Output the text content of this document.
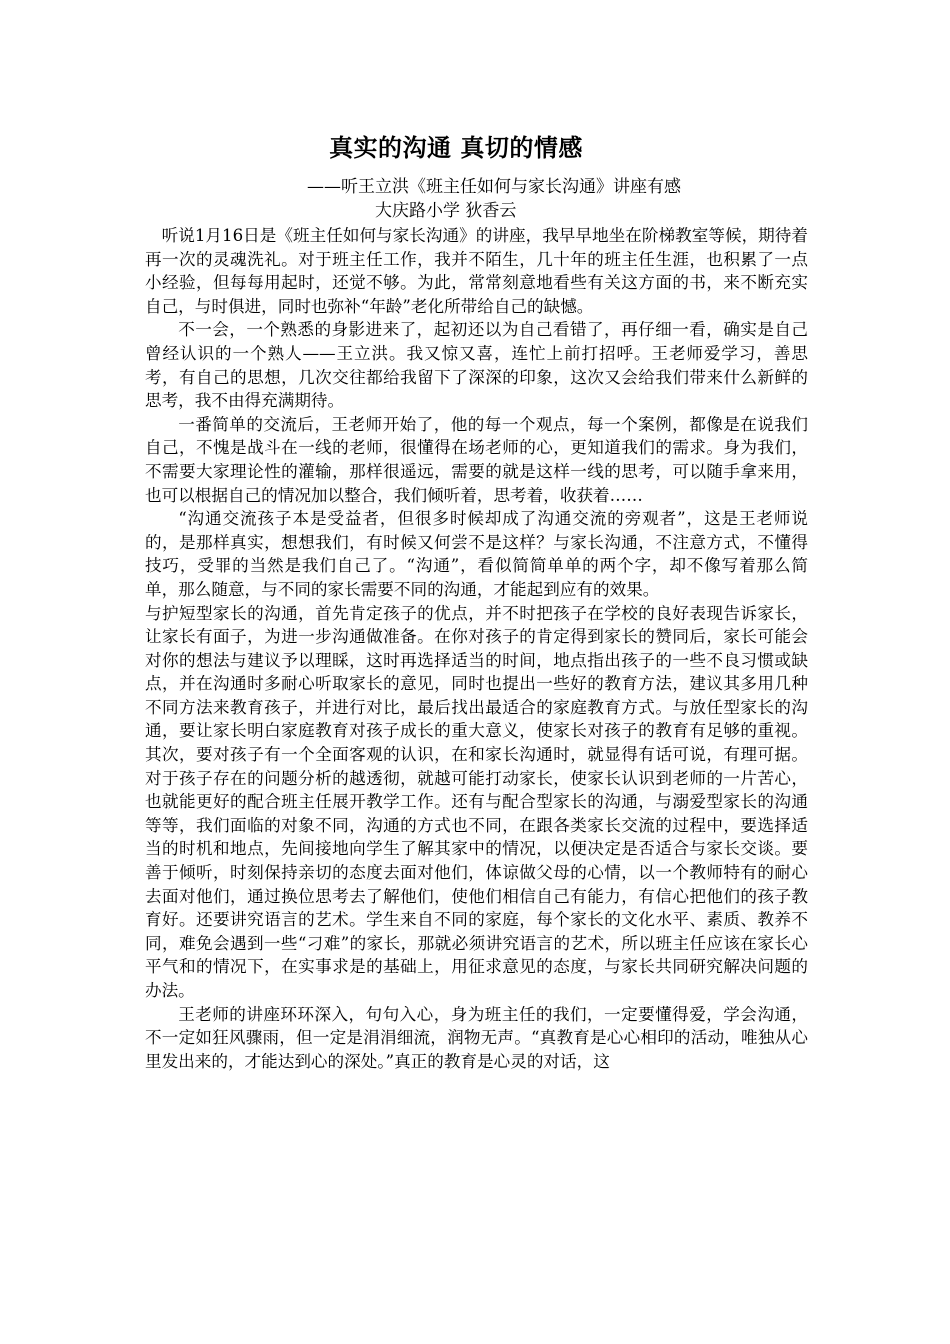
真实的沟通 真切的情感
——听王立洪《班主任如何与家长沟通》讲座有感
大庆路小学 狄香云

听说1月16日是《班主任如何与家长沟通》的讲座，我早早地坐在阶梯教室等候，期待着再一次的灵魂洗礼。对于班主任工作，我并不陌生，几十年的班主任生涯，也积累了一点小经验，但每每用起时，还觉不够。为此，常常刻意地看些有关这方面的书，来不断充实自己，与时俱进，同时也弥补“年龄”老化所带给自己的缺憾。

不一会，一个熟悉的身影进来了，起初还以为自己看错了，再仔细一看，确实是自己曾经认识的一个熟人——王立洪。我又惊又喜，连忙上前打招呼。王老师爱学习，善思考，有自己的思想，几次交往都给我留下了深深的印象，这次又会给我们带来什么新鲜的思考，我不由得充满期待。

一番简单的交流后，王老师开始了，他的每一个观点，每一个案例，都像是在说我们自己，不愧是战斗在一线的老师，很懂得在场老师的心，更知道我们的需求。身为我们，不需要大家理论性的灌输，那样很遥远，需要的就是这样一线的思考，可以随手拿来用，也可以根据自己的情况加以整合，我们倾听着，思考着，收获着……

“沟通交流孩子本是受益者，但很多时候却成了沟通交流的旁观者”，这是王老师说的，是那样真实，想想我们，有时候又何尝不是这样？与家长沟通，不注意方式，不懂得技巧，受罪的当然是我们自己了。“沟通”，看似简简单单的两个字，却不像写着那么简单，那么随意，与不同的家长需要不同的沟通，才能起到应有的效果。

与护短型家长的沟通，首先肯定孩子的优点，并不时把孩子在学校的良好表现告诉家长，让家长有面子，为进一步沟通做准备。在你对孩子的肯定得到家长的赞同后，家长可能会对你的想法与建议予以理睬，这时再选择适当的时间，地点指出孩子的一些不良习惯或缺点，并在沟通时多耐心听取家长的意见，同时也提出一些好的教育方法，建议其多用几种不同方法来教育孩子，并进行对比，最后找出最适合的家庭教育方式。与放任型家长的沟通，要让家长明白家庭教育对孩子成长的重大意义，使家长对孩子的教育有足够的重视。其次，要对孩子有一个全面客观的认识，在和家长沟通时，就显得有话可说，有理可据。对于孩子存在的问题分析的越透彻，就越可能打动家长，使家长认识到老师的一片苦心，也就能更好的配合班主任展开教学工作。还有与配合型家长的沟通，与溺爱型家长的沟通等等，我们面临的对象不同，沟通的方式也不同，在跟各类家长交流的过程中，要选择适当的时机和地点，先间接地向学生了解其家中的情况，以便决定是否适合与家长交谈。要善于倾听，时刻保持亲切的态度去面对他们，体谅做父母的心情，以一个教师特有的耐心去面对他们，通过换位思考去了解他们，使他们相信自己有能力，有信心把他们的孩子教育好。还要讲究语言的艺术。学生来自不同的家庭，每个家长的文化水平、素质、教养不同，难免会遇到一些“刁难”的家长，那就必须讲究语言的艺术，所以班主任应该在家长心平气和的情况下，在实事求是的基础上，用征求意见的态度，与家长共同研究解决问题的办法。

王老师的讲座环环深入，句句入心，身为班主任的我们，一定要懂得爱，学会沟通，不一定如狂风骤雨，但一定是涓涓细流，润物无声。“真教育是心心相印的活动，唯独从心里发出来的，才能达到心的深处。”真正的教育是心灵的对话，这
